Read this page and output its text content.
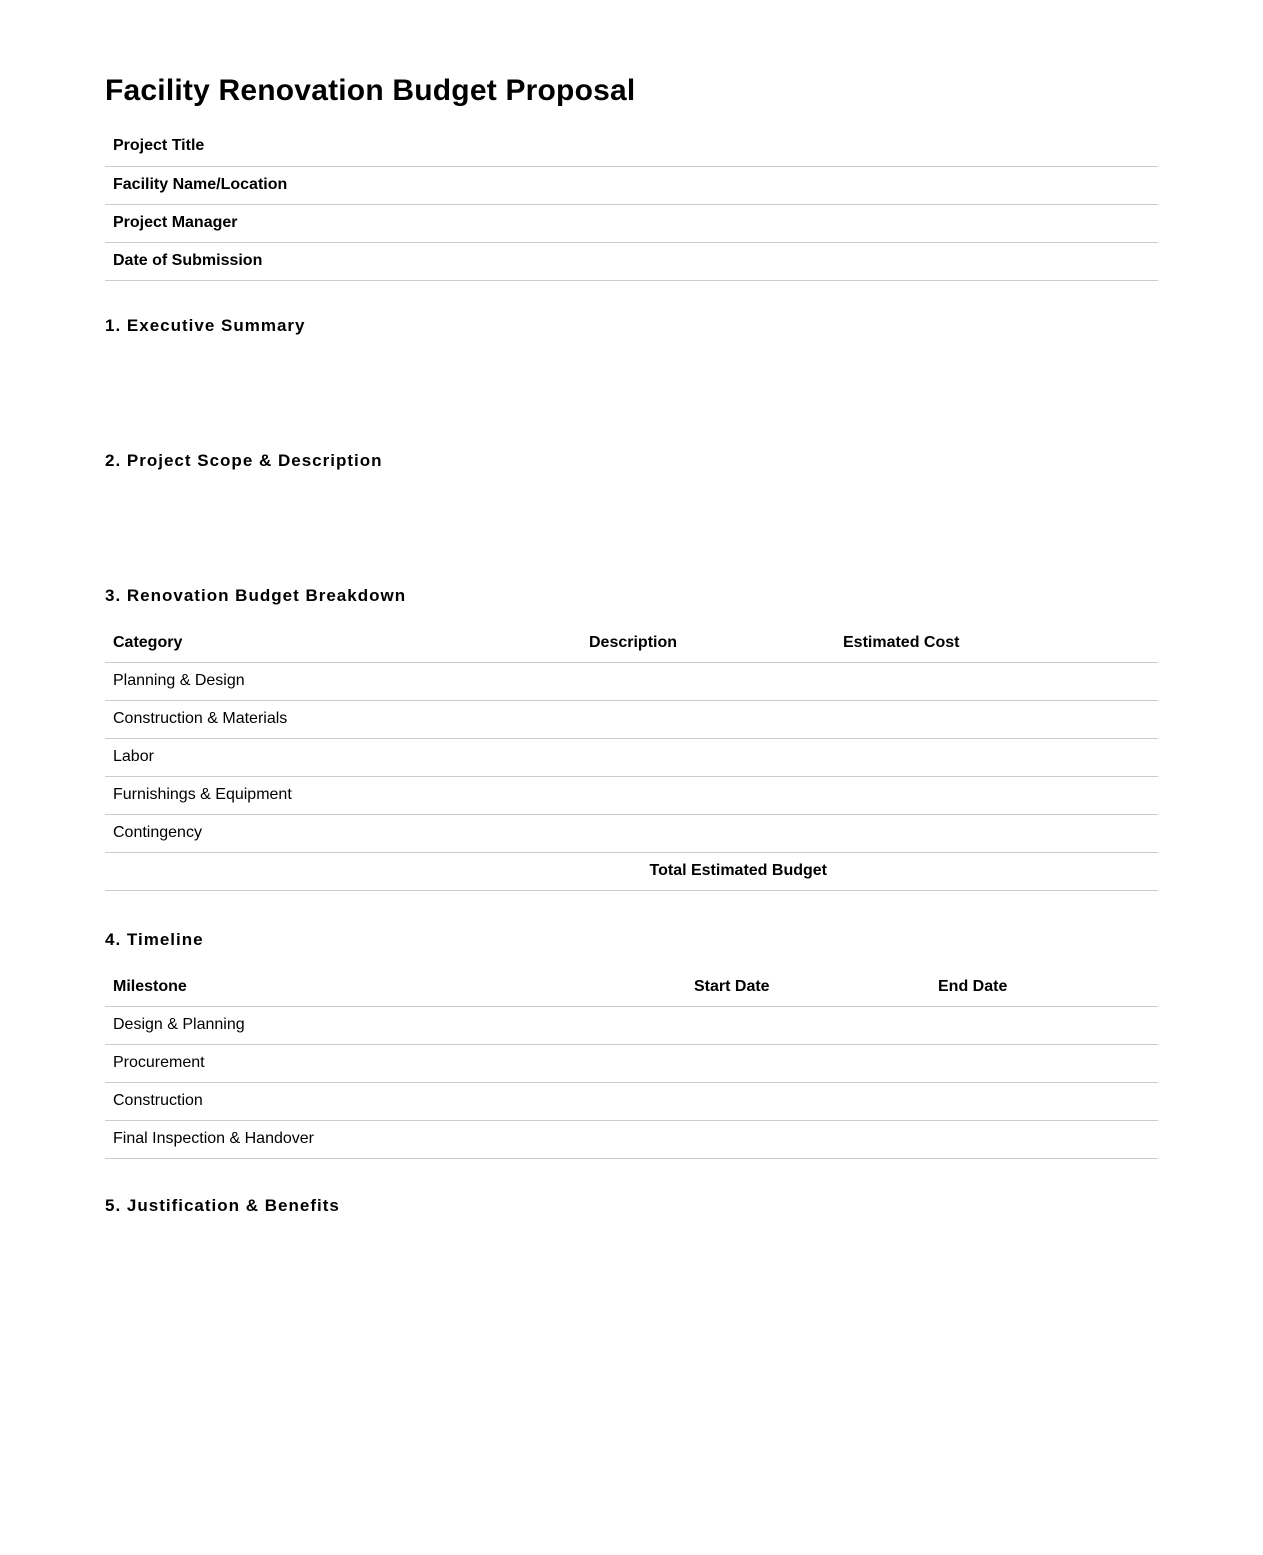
Facility Renovation Budget Proposal
Project Title	
Facility Name/Location	
Project Manager	
Date of Submission	
1. Executive Summary
2. Project Scope & Description
3. Renovation Budget Breakdown
Category	Description	Estimated Cost
Planning & Design		
Construction & Materials		
Labor		
Furnishings & Equipment		
Contingency		
Total Estimated Budget		
4. Timeline
Milestone	Start Date	End Date
Design & Planning		
Procurement		
Construction		
Final Inspection & Handover		
5. Justification & Benefits
